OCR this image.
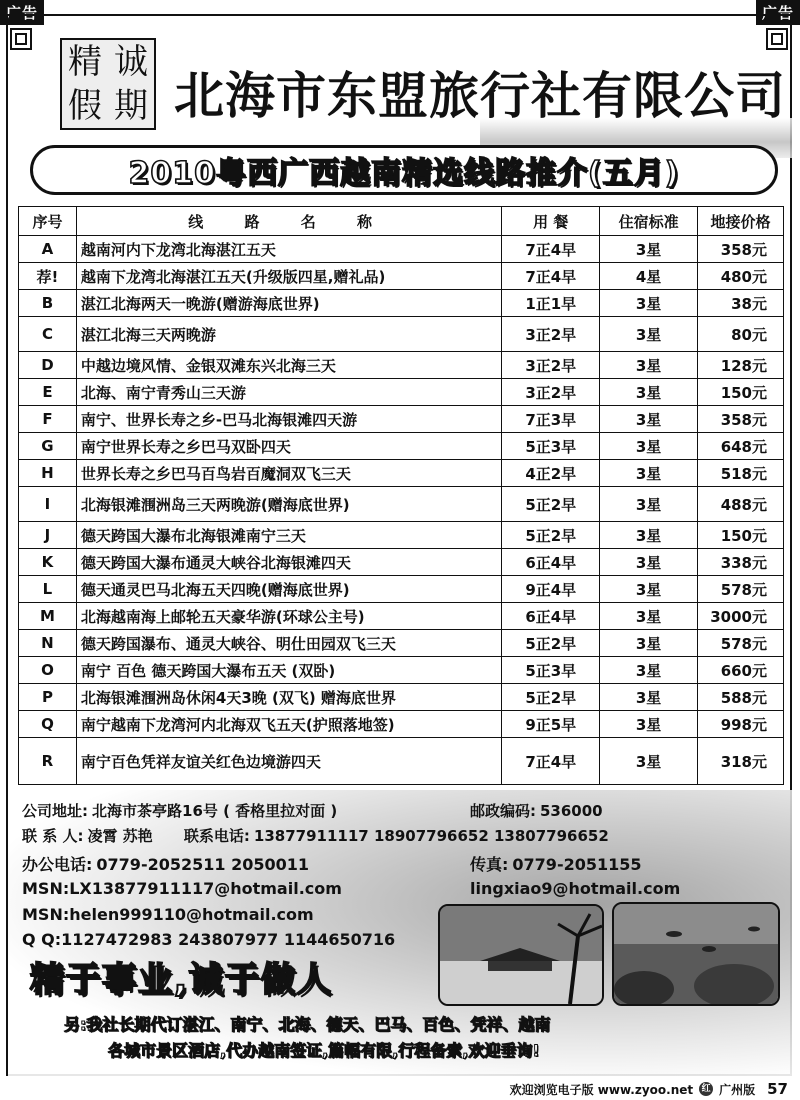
广告	广告
精 诚
假 期 北海市东盟旅行社有限公司
2010粤西广西越南精选线路推介(五月)
序号	线 路 名 称	用 餐	住宿标准	地接价格
A	越南河内下龙湾北海湛江五天	7正4早	3星	358元
荐!	越南下龙湾北海湛江五天(升级版四星,赠礼品)	7正4早	4星	480元
B	湛江北海两天一晚游(赠游海底世界)	1正1早	3星	38元
C	湛江北海三天两晚游	3正2早	3星	80元
D	中越边境风情、金银双滩东兴北海三天	3正2早	3星	128元
E	北海、南宁青秀山三天游	3正2早	3星	150元
F	南宁、世界长寿之乡-巴马北海银滩四天游	7正3早	3星	358元
G	南宁世界长寿之乡巴马双卧四天	5正3早	3星	648元
H	世界长寿之乡巴马百鸟岩百魔洞双飞三天	4正2早	3星	518元
I	北海银滩涠洲岛三天两晚游(赠海底世界)	5正2早	3星	488元
J	德天跨国大瀑布北海银滩南宁三天	5正2早	3星	150元
K	德天跨国大瀑布通灵大峡谷北海银滩四天	6正4早	3星	338元
L	德天通灵巴马北海五天四晚(赠海底世界)	9正4早	3星	578元
M	北海越南海上邮轮五天豪华游(环球公主号)	6正4早	3星	3000元
N	德天跨国瀑布、通灵大峡谷、明仕田园双飞三天	5正2早	3星	578元
O	南宁 百色 德天跨国大瀑布五天 (双卧)	5正3早	3星	660元
P	北海银滩涠洲岛休闲4天3晚 (双飞) 赠海底世界	5正2早	3星	588元
Q	南宁越南下龙湾河内北海双飞五天(护照落地签)	9正5早	3星	998元
R	南宁百色凭祥友谊关红色边境游四天	7正4早	3星	318元
公司地址: 北海市茶亭路16号 ( 香格里拉对面 )	邮政编码: 536000
联 系 人: 凌霄 苏艳 联系电话: 13877911117 18907796652 13807796652
办公电话: 0779-2052511 2050011	传真: 0779-2051155
MSN:LX13877911117@hotmail.com	lingxiao9@hotmail.com
MSN:helen999110@hotmail.com
Q Q:1127472983 243807977 1144650716
精于事业,诚于做人
另:我社长期代订湛江、南宁、北海、德天、巴马、百色、凭祥、越南
各城市景区酒店,代办越南签证,篇幅有限,行程备索,欢迎垂询!
欢迎浏览电子版 www.zyoo.net 红 广州版 57
